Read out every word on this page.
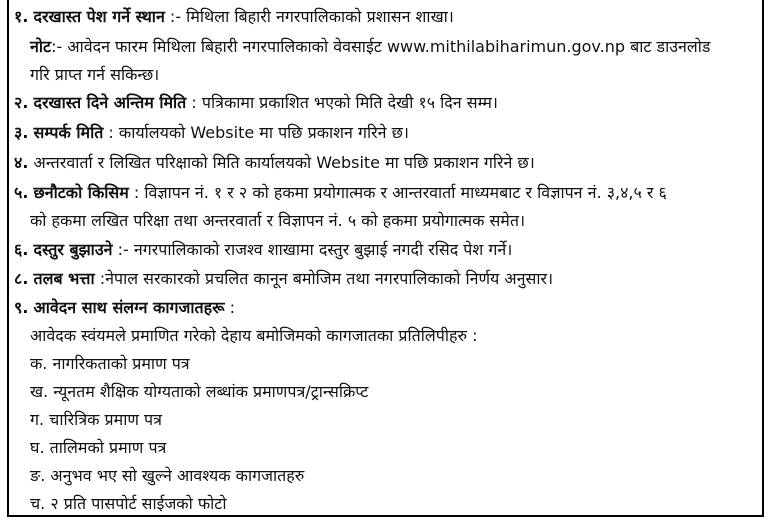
१. दरखास्त पेश गर्ने स्थान :- मिथिला बिहारी नगरपालिकाको प्रशासन शाखा।
नोट:- आवेदन फारम मिथिला बिहारी नगरपालिकाको वेवसाईट www.mithilabiharimun.gov.np बाट डाउनलोड
गरि प्राप्त गर्न सकिन्छ।
२. दरखास्त दिने अन्तिम मिति : पत्रिकामा प्रकाशित भएको मिति देखी १५ दिन सम्म।
३. सम्पर्क मिति : कार्यालयको Website मा पछि प्रकाशन गरिने छ।
४. अन्तरवार्ता र लिखित परिक्षाको मिति कार्यालयको Website मा पछि प्रकाशन गरिने छ।
५. छनौटको किसिम : विज्ञापन नं. १ र २ को हकमा प्रयोगात्मक र आन्तरवार्ता माध्यमबाट र विज्ञापन नं. ३,४,५ र ६
को हकमा लखित परिक्षा तथा अन्तरवार्ता र विज्ञापन नं. ५ को हकमा प्रयोगात्मक समेत।
६. दस्तुर बुझाउने :- नगरपालिकाको राजश्व शाखामा दस्तुर बुझाई नगदी रसिद पेश गर्ने।
८. तलब भत्ता :नेपाल सरकारको प्रचलित कानून बमोजिम तथा नगरपालिकाको निर्णय अनुसार।
९. आवेदन साथ संलग्न कागजातहरू :
आवेदक स्वंयमले प्रमाणित गरेको देहाय बमोजिमको कागजातका प्रतिलिपीहरु :
क. नागरिकताको प्रमाण पत्र
ख. न्यूनतम शैक्षिक योग्यताको लब्धांक प्रमाणपत्र/ट्रान्सक्रिप्ट
ग. चारित्रिक प्रमाण पत्र
घ. तालिमको प्रमाण पत्र
ङ. अनुभव भए सो खुल्ने आवश्यक कागजातहरु
च. २ प्रति पासपोर्ट साईजको फोटो
